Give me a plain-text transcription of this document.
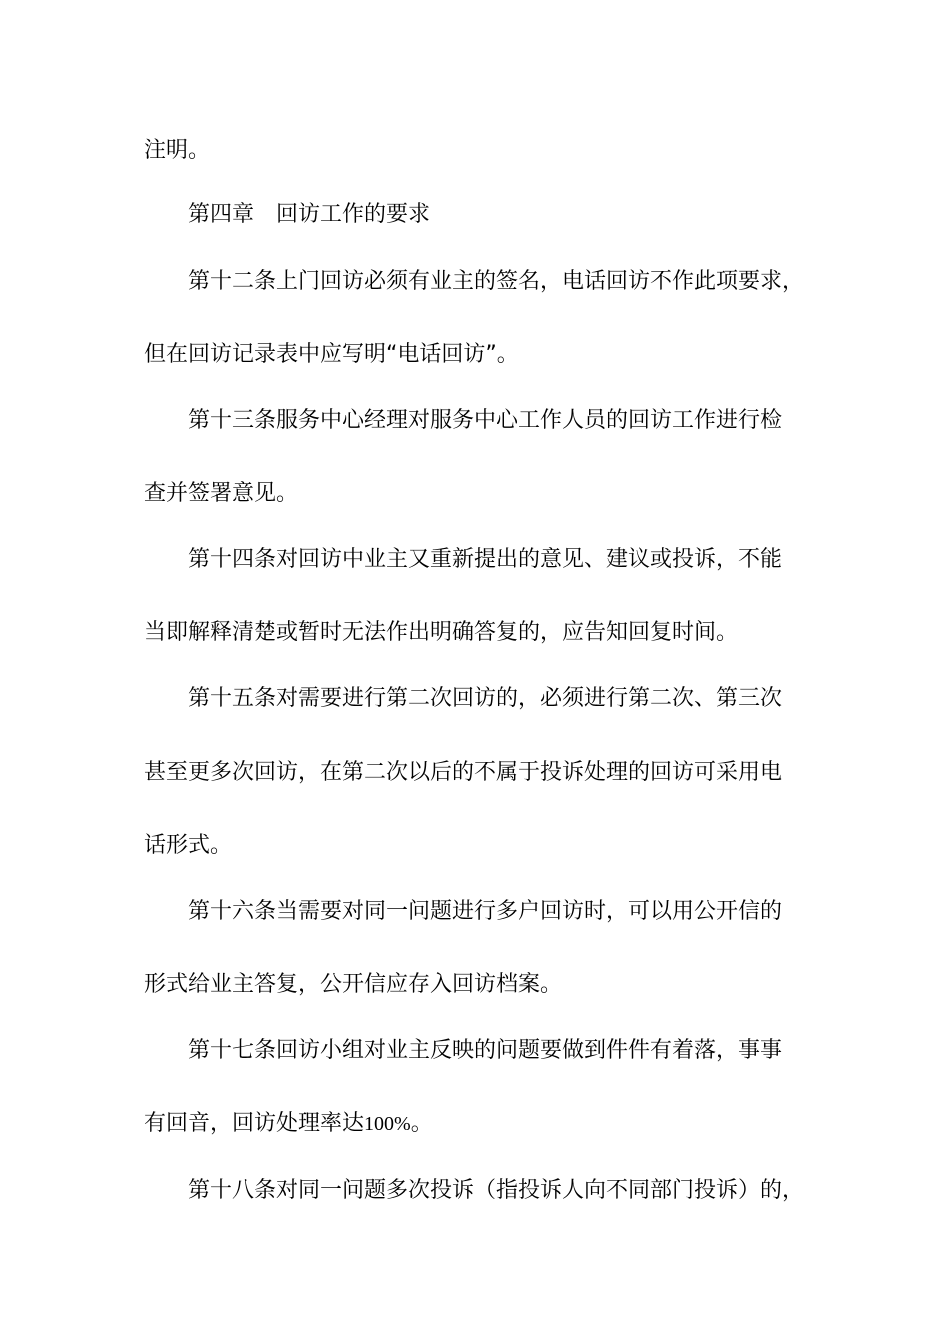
注明。
第四章　回访工作的要求
第十二条上门回访必须有业主的签名，电话回访不作此项要求，
但在回访记录表中应写明“电话回访”。
第十三条服务中心经理对服务中心工作人员的回访工作进行检
查并签署意见。
第十四条对回访中业主又重新提出的意见、建议或投诉，不能
当即解释清楚或暂时无法作出明确答复的，应告知回复时间。
第十五条对需要进行第二次回访的，必须进行第二次、第三次
甚至更多次回访，在第二次以后的不属于投诉处理的回访可采用电
话形式。
第十六条当需要对同一问题进行多户回访时，可以用公开信的
形式给业主答复，公开信应存入回访档案。
第十七条回访小组对业主反映的问题要做到件件有着落，事事
有回音，回访处理率达100%。
第十八条对同一问题多次投诉（指投诉人向不同部门投诉）的，
